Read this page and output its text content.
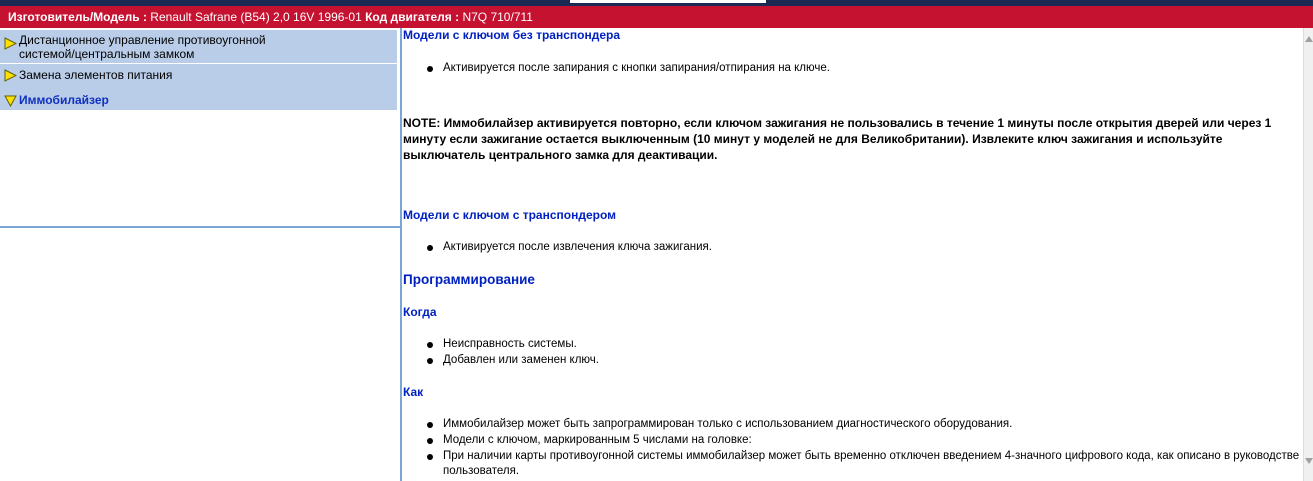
Изготовитель/Модель : Renault Safrane (B54) 2,0 16V 1996-01 Код двигателя : N7Q 710/711
Дистанционное управление противоугонной системой/центральным замком
Замена элементов питания
Иммобилайзер
Модели с ключом без транспондера
Активируется после запирания с кнопки запирания/отпирания на ключе.
NOTE: Иммобилайзер активируется повторно, если ключом зажигания не пользовались в течение 1 минуты после открытия дверей или через 1 минуту если зажигание остается выключенным (10 минут у моделей не для Великобритании). Извлеките ключ зажигания и используйте выключатель центрального замка для деактивации.
Модели с ключом с транспондером
Активируется после извлечения ключа зажигания.
Программирование
Когда
Неисправность системы.
Добавлен или заменен ключ.
Как
Иммобилайзер может быть запрограммирован только с использованием диагностического оборудования.
Модели с ключом, маркированным 5 числами на головке:
При наличии карты противоугонной системы иммобилайзер может быть временно отключен введением 4-значного цифрового кода, как описано в руководстве пользователя.
